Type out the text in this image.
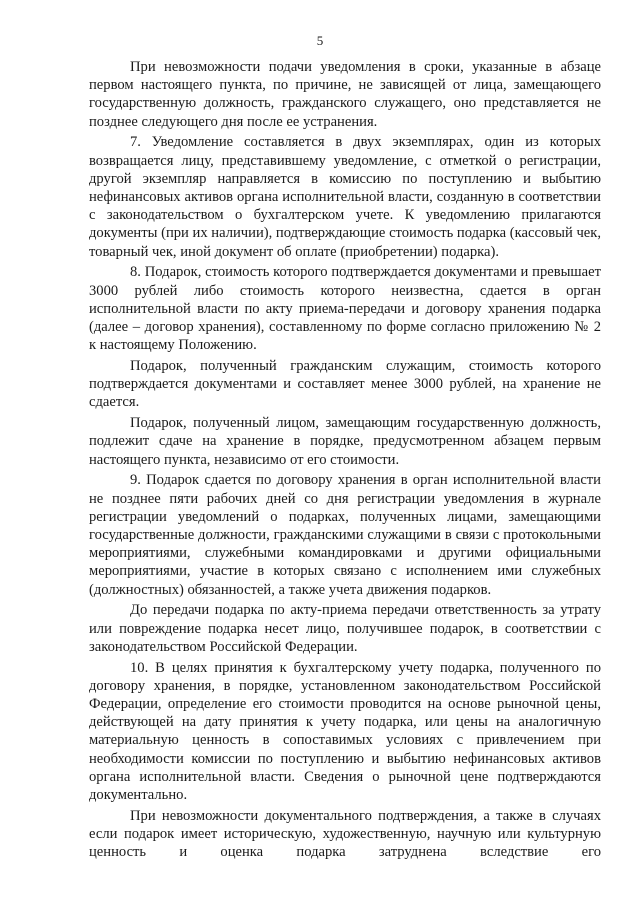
5

При невозможности подачи уведомления в сроки, указанные в абзаце первом настоящего пункта, по причине, не зависящей от лица, замещающего государственную должность, гражданского служащего, оно представляется не позднее следующего дня после ее устранения.

7. Уведомление составляется в двух экземплярах, один из которых возвращается лицу, представившему уведомление, с отметкой о регистрации, другой экземпляр направляется в комиссию по поступлению и выбытию нефинансовых активов органа исполнительной власти, созданную в соответствии с законодательством о бухгалтерском учете. К уведомлению прилагаются документы (при их наличии), подтверждающие стоимость подарка (кассовый чек, товарный чек, иной документ об оплате (приобретении) подарка).

8. Подарок, стоимость которого подтверждается документами и превышает 3000 рублей либо стоимость которого неизвестна, сдается в орган исполнительной власти по акту приема-передачи и договору хранения подарка (далее – договор хранения), составленному по форме согласно приложению № 2 к настоящему Положению.

Подарок, полученный гражданским служащим, стоимость которого подтверждается документами и составляет менее 3000 рублей, на хранение не сдается.

Подарок, полученный лицом, замещающим государственную должность, подлежит сдаче на хранение в порядке, предусмотренном абзацем первым настоящего пункта, независимо от его стоимости.

9. Подарок сдается по договору хранения в орган исполнительной власти не позднее пяти рабочих дней со дня регистрации уведомления в журнале регистрации уведомлений о подарках, полученных лицами, замещающими государственные должности, гражданскими служащими в связи с протокольными мероприятиями, служебными командировками и другими официальными мероприятиями, участие в которых связано с исполнением ими служебных (должностных) обязанностей, а также учета движения подарков.

До передачи подарка по акту-приема передачи ответственность за утрату или повреждение подарка несет лицо, получившее подарок, в соответствии с законодательством Российской Федерации.

10. В целях принятия к бухгалтерскому учету подарка, полученного по договору хранения, в порядке, установленном законодательством Российской Федерации, определение его стоимости проводится на основе рыночной цены, действующей на дату принятия к учету подарка, или цены на аналогичную материальную ценность в сопоставимых условиях с привлечением при необходимости комиссии по поступлению и выбытию нефинансовых активов органа исполнительной власти. Сведения о рыночной цене подтверждаются документально.

При невозможности документального подтверждения, а также в случаях если подарок имеет историческую, художественную, научную или культурную ценность и оценка подарка затруднена вследствие его
